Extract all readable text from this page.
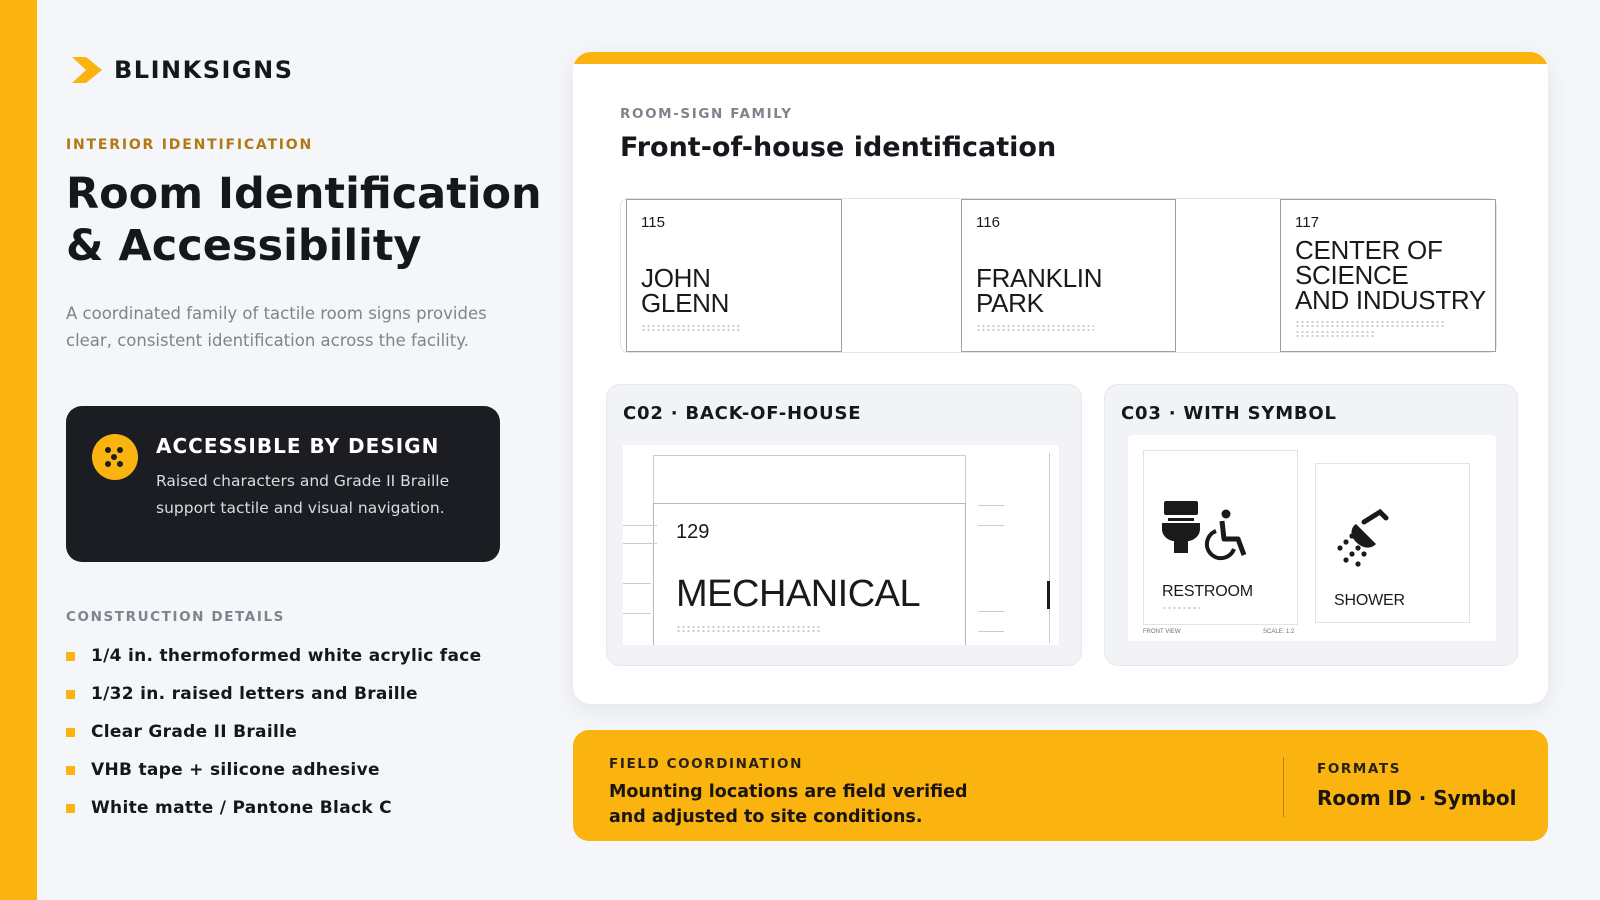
BLINKSIGNS
INTERIOR IDENTIFICATION
Room Identification
& Accessibility

A coordinated family of tactile room signs provides clear, consistent identification across the facility.

ACCESSIBLE BY DESIGN
Raised characters and Grade II Braille support tactile and visual navigation.
CONSTRUCTION DETAILS
1/4 in. thermoformed white acrylic face
1/32 in. raised letters and Braille
Clear Grade II Braille
VHB tape + silicone adhesive
White matte / Pantone Black C
ROOM-SIGN FAMILY
Front-of-house identification
115
JOHN
GLENN
116
FRANKLIN
PARK
117
CENTER OF
SCIENCE
AND INDUSTRY
C02 · BACK-OF-HOUSE
129
MECHANICAL
C03 · WITH SYMBOL
RESTROOM
FRONT VIEW	SCALE: 1:2
SHOWER
FIELD COORDINATION
Mounting locations are field verified and adjusted to site conditions.
FORMATS
Room ID · Symbol
